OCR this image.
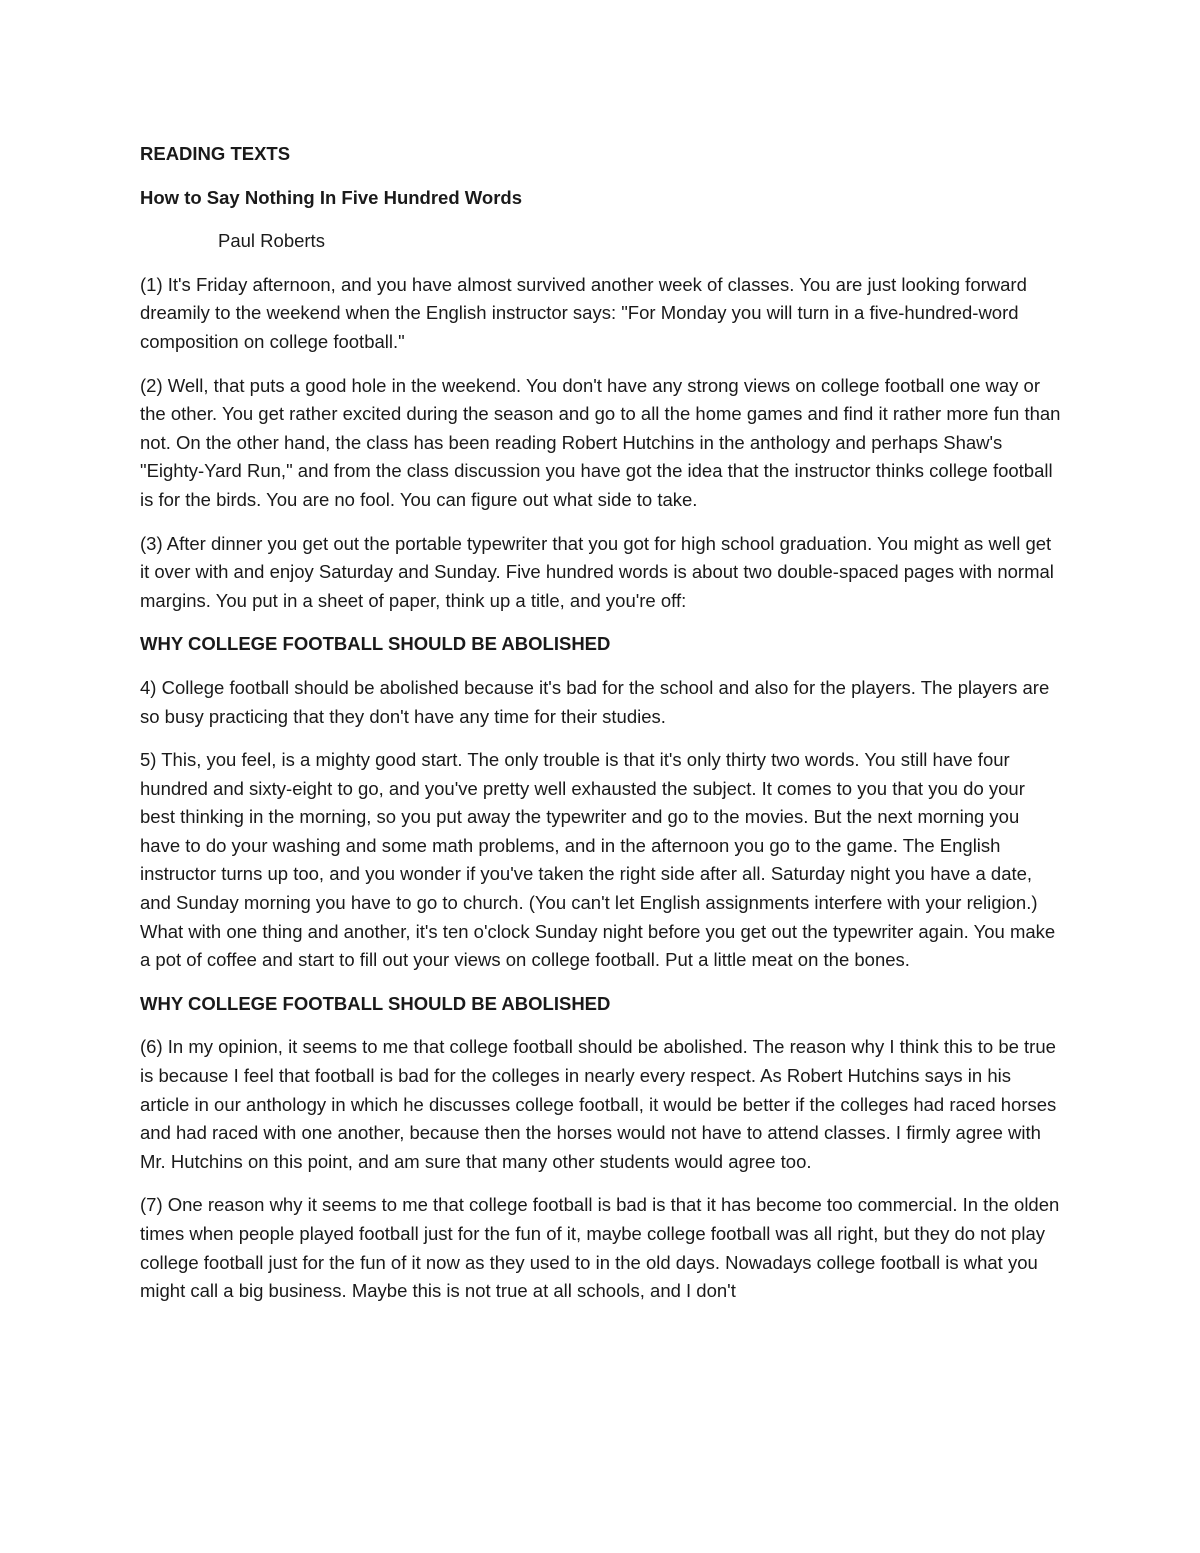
READING TEXTS

How to Say Nothing In Five Hundred Words

Paul Roberts

(1) It's Friday afternoon, and you have almost survived another week of classes. You are just looking forward dreamily to the weekend when the English instructor says: "For Monday you will turn in a five-hundred-word composition on college football."

(2) Well, that puts a good hole in the weekend. You don't have any strong views on college football one way or the other. You get rather excited during the season and go to all the home games and find it rather more fun than not. On the other hand, the class has been reading Robert Hutchins in the anthology and perhaps Shaw's "Eighty-Yard Run," and from the class discussion you have got the idea that the instructor thinks college football is for the birds. You are no fool. You can figure out what side to take.

(3) After dinner you get out the portable typewriter that you got for high school graduation. You might as well get it over with and enjoy Saturday and Sunday. Five hundred words is about two double-spaced pages with normal margins. You put in a sheet of paper, think up a title, and you're off:

WHY COLLEGE FOOTBALL SHOULD BE ABOLISHED

4) College football should be abolished because it's bad for the school and also for the players. The players are so busy practicing that they don't have any time for their studies.

5) This, you feel, is a mighty good start. The only trouble is that it's only thirty two words. You still have four hundred and sixty-eight to go, and you've pretty well exhausted the subject. It comes to you that you do your best thinking in the morning, so you put away the typewriter and go to the movies. But the next morning you have to do your washing and some math problems, and in the afternoon you go to the game. The English instructor turns up too, and you wonder if you've taken the right side after all. Saturday night you have a date, and Sunday morning you have to go to church. (You can't let English assignments interfere with your religion.) What with one thing and another, it's ten o'clock Sunday night before you get out the typewriter again. You make a pot of coffee and start to fill out your views on college football. Put a little meat on the bones.

WHY COLLEGE FOOTBALL SHOULD BE ABOLISHED

(6) In my opinion, it seems to me that college football should be abolished. The reason why I think this to be true is because I feel that football is bad for the colleges in nearly every respect. As Robert Hutchins says in his article in our anthology in which he discusses college football, it would be better if the colleges had raced horses and had raced with one another, because then the horses would not have to attend classes. I firmly agree with Mr. Hutchins on this point, and am sure that many other students would agree too.

(7) One reason why it seems to me that college football is bad is that it has become too commercial. In the olden times when people played football just for the fun of it, maybe college football was all right, but they do not play college football just for the fun of it now as they used to in the old days. Nowadays college football is what you might call a big business. Maybe this is not true at all schools, and I don't
